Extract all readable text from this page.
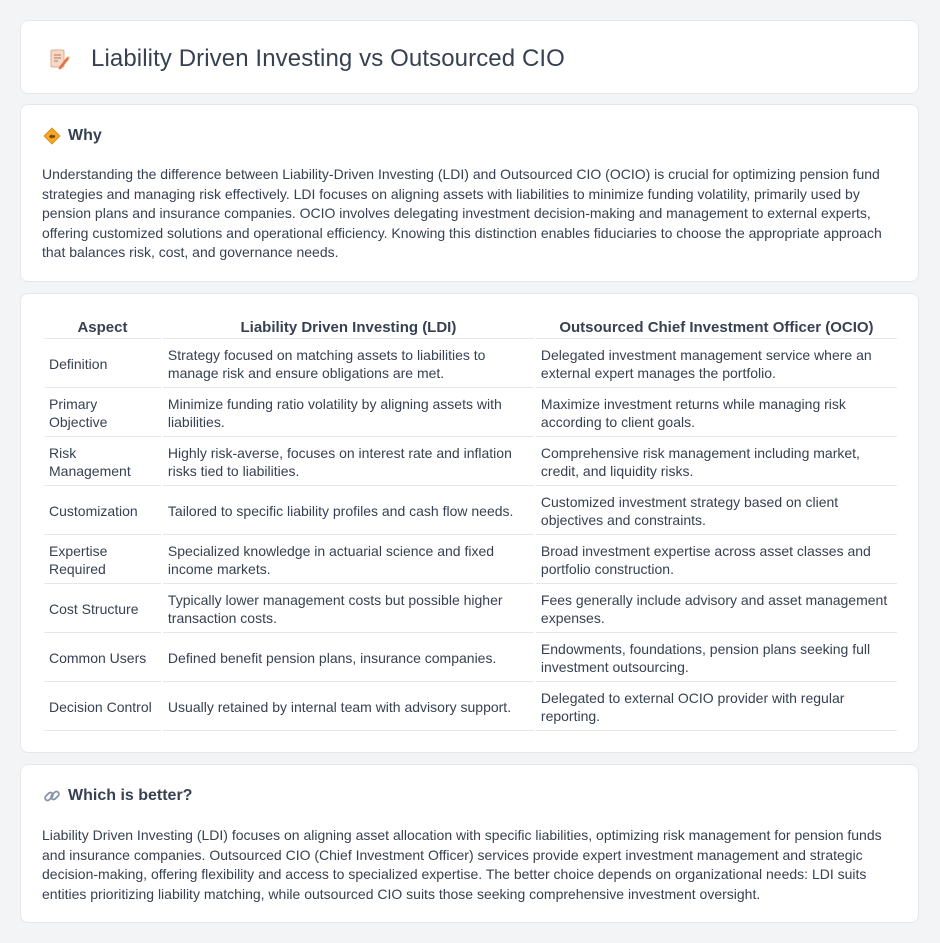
Liability Driven Investing vs Outsourced CIO
Why

Understanding the difference between Liability-Driven Investing (LDI) and Outsourced CIO (OCIO) is crucial for optimizing pension fund strategies and managing risk effectively. LDI focuses on aligning assets with liabilities to minimize funding volatility, primarily used by pension plans and insurance companies. OCIO involves delegating investment decision-making and management to external experts, offering customized solutions and operational efficiency. Knowing this distinction enables fiduciaries to choose the appropriate approach that balances risk, cost, and governance needs.

Aspect	Liability Driven Investing (LDI)	Outsourced Chief Investment Officer (OCIO)
Definition	Strategy focused on matching assets to liabilities to manage risk and ensure obligations are met.	Delegated investment management service where an external expert manages the portfolio.
Primary Objective	Minimize funding ratio volatility by aligning assets with liabilities.	Maximize investment returns while managing risk according to client goals.
Risk Management	Highly risk-averse, focuses on interest rate and inflation risks tied to liabilities.	Comprehensive risk management including market, credit, and liquidity risks.
Customization	Tailored to specific liability profiles and cash flow needs.	Customized investment strategy based on client objectives and constraints.
Expertise Required	Specialized knowledge in actuarial science and fixed income markets.	Broad investment expertise across asset classes and portfolio construction.
Cost Structure	Typically lower management costs but possible higher transaction costs.	Fees generally include advisory and asset management expenses.
Common Users	Defined benefit pension plans, insurance companies.	Endowments, foundations, pension plans seeking full investment outsourcing.
Decision Control	Usually retained by internal team with advisory support.	Delegated to external OCIO provider with regular reporting.
Which is better?

Liability Driven Investing (LDI) focuses on aligning asset allocation with specific liabilities, optimizing risk management for pension funds and insurance companies. Outsourced CIO (Chief Investment Officer) services provide expert investment management and strategic decision-making, offering flexibility and access to specialized expertise. The better choice depends on organizational needs: LDI suits entities prioritizing liability matching, while outsourced CIO suits those seeking comprehensive investment oversight.
